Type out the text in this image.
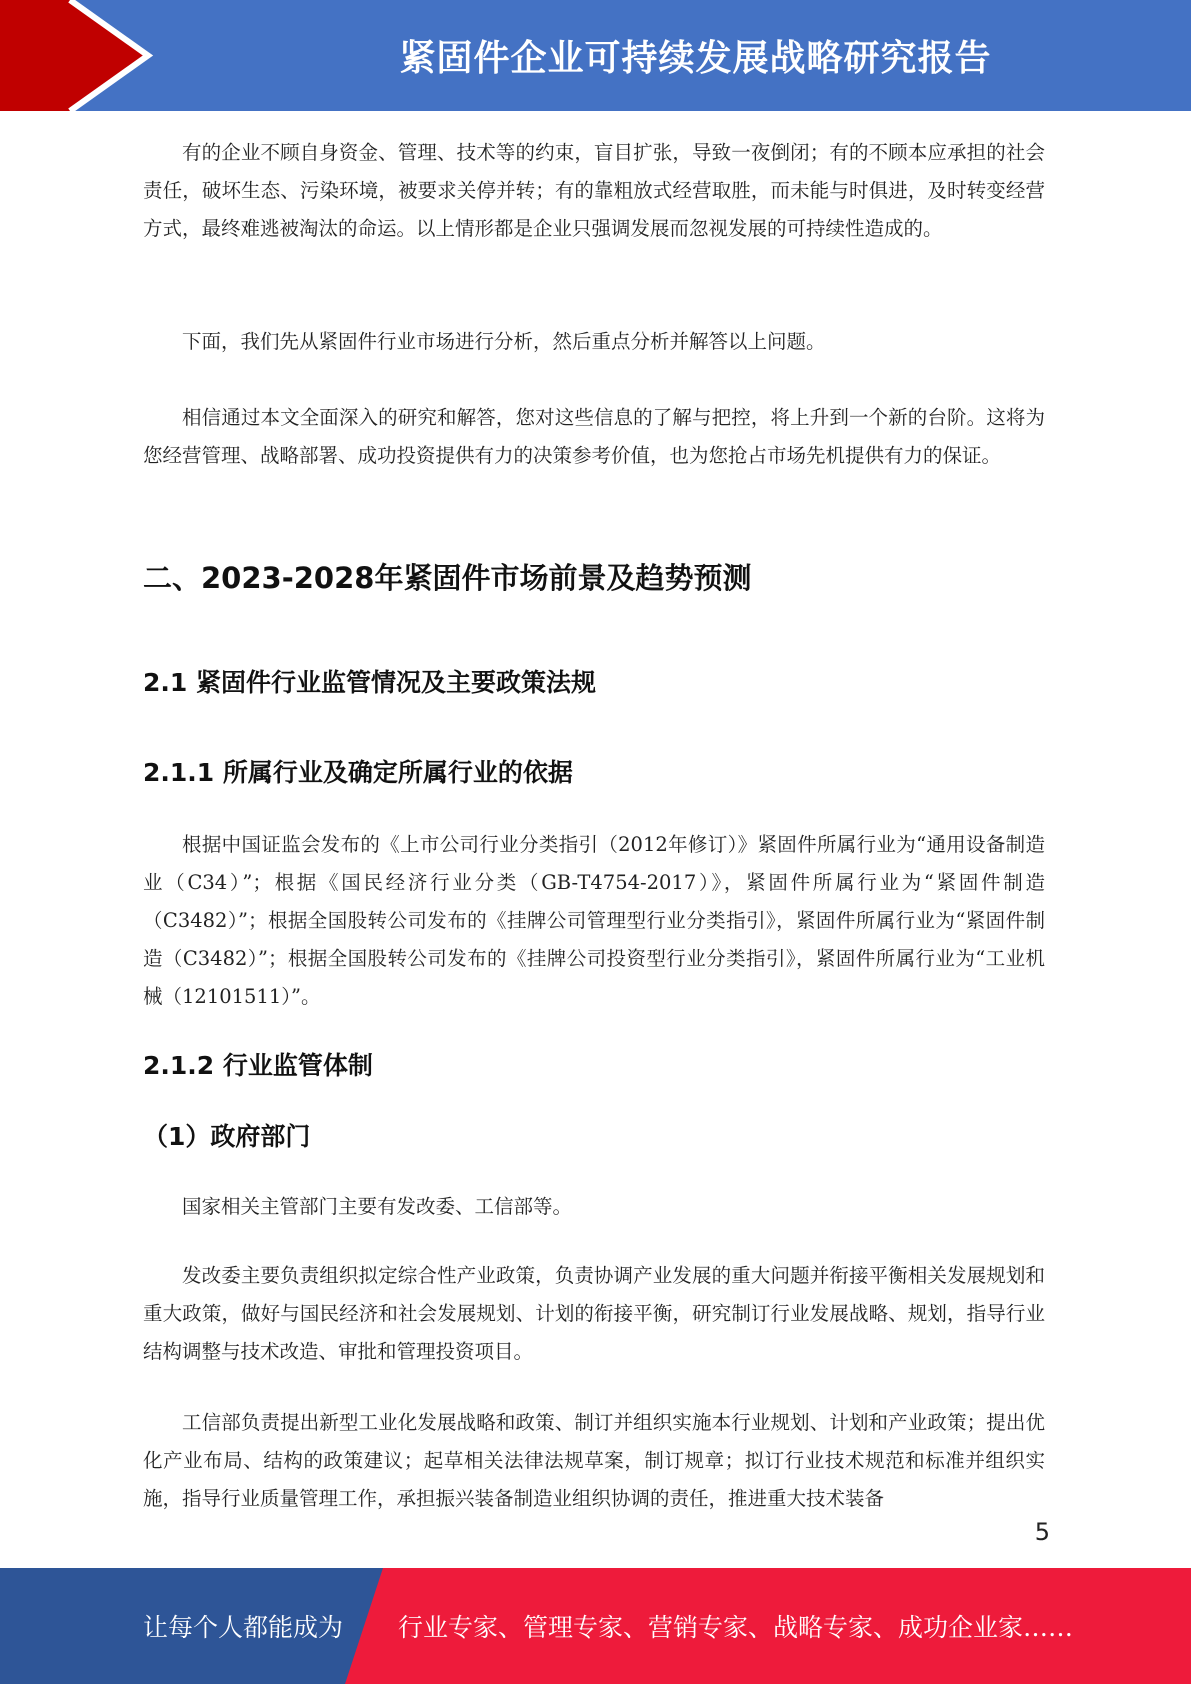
紧固件企业可持续发展战略研究报告

有的企业不顾自身资金、管理、技术等的约束，盲目扩张，导致一夜倒闭；有的不顾本应承担的社会责任，破坏生态、污染环境，被要求关停并转；有的靠粗放式经营取胜，而未能与时俱进，及时转变经营方式，最终难逃被淘汰的命运。以上情形都是企业只强调发展而忽视发展的可持续性造成的。

下面，我们先从紧固件行业市场进行分析，然后重点分析并解答以上问题。

相信通过本文全面深入的研究和解答，您对这些信息的了解与把控，将上升到一个新的台阶。这将为您经营管理、战略部署、成功投资提供有力的决策参考价值，也为您抢占市场先机提供有力的保证。

二、2023-2028年紧固件市场前景及趋势预测
2.1 紧固件行业监管情况及主要政策法规
2.1.1 所属行业及确定所属行业的依据

根据中国证监会发布的《上市公司行业分类指引（2012年修订）》紧固件所属行业为“通用设备制造业（C34）”；根据《国民经济行业分类（GB-T4754-2017）》，紧固件所属行业为“紧固件制造（C3482）”；根据全国股转公司发布的《挂牌公司管理型行业分类指引》，紧固件所属行业为“紧固件制造（C3482）”；根据全国股转公司发布的《挂牌公司投资型行业分类指引》，紧固件所属行业为“工业机械（12101511）”。

2.1.2 行业监管体制
（1）政府部门

国家相关主管部门主要有发改委、工信部等。

发改委主要负责组织拟定综合性产业政策，负责协调产业发展的重大问题并衔接平衡相关发展规划和重大政策，做好与国民经济和社会发展规划、计划的衔接平衡，研究制订行业发展战略、规划，指导行业结构调整与技术改造、审批和管理投资项目。

工信部负责提出新型工业化发展战略和政策、制订并组织实施本行业规划、计划和产业政策；提出优化产业布局、结构的政策建议；起草相关法律法规草案，制订规章；拟订行业技术规范和标准并组织实施，指导行业质量管理工作，承担振兴装备制造业组织协调的责任，推进重大技术装备

5
让每个人都能成为 行业专家、管理专家、营销专家、战略专家、成功企业家……
